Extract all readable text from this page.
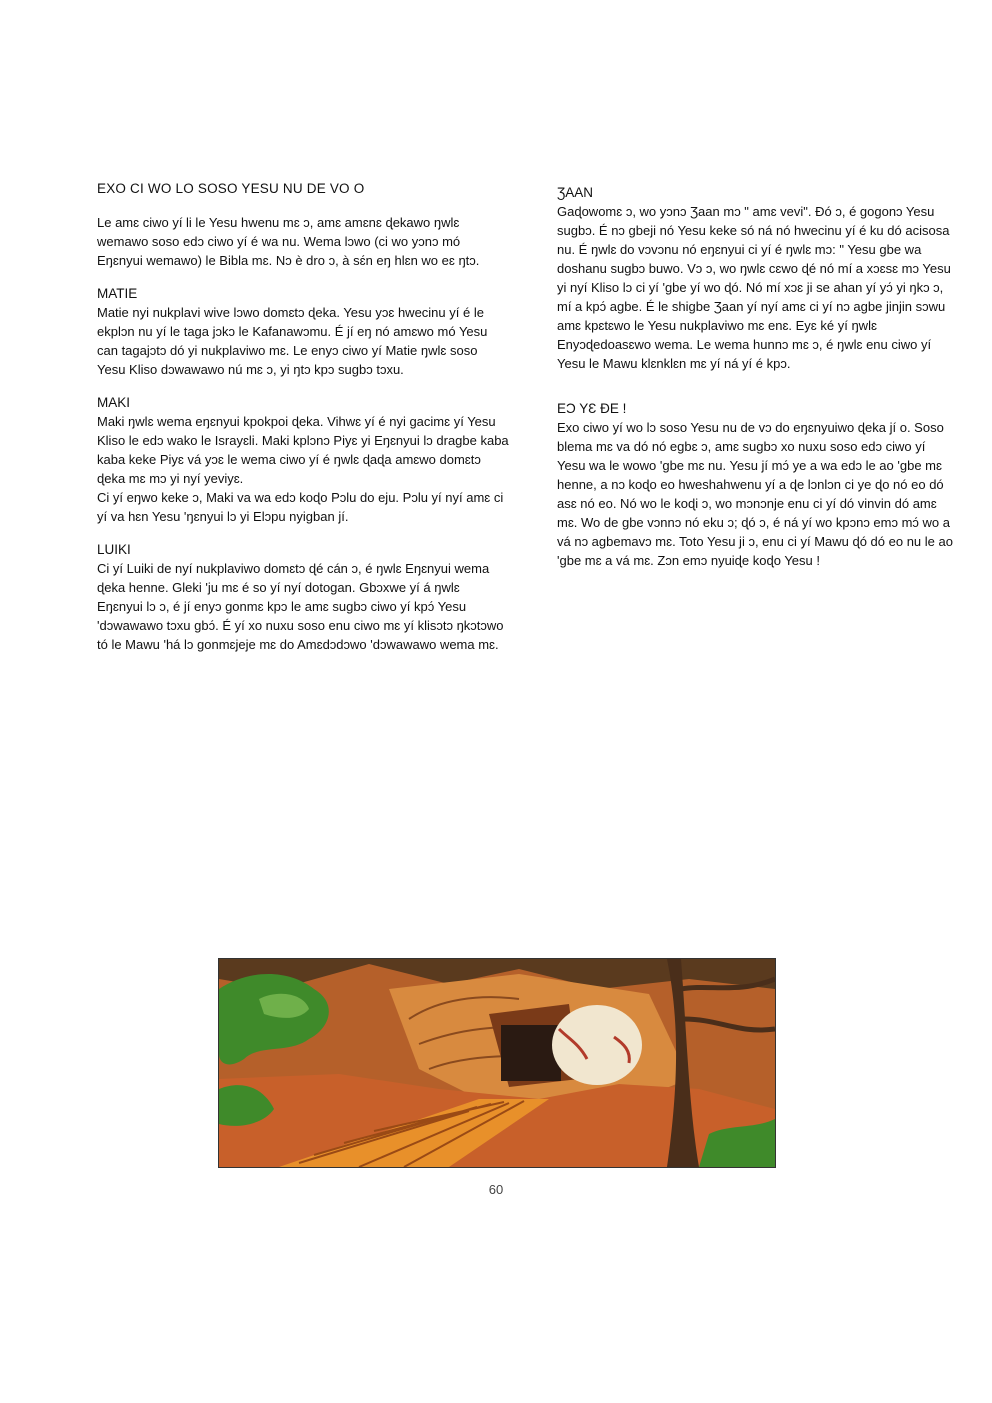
EXO CI WO LO SOSO YESU NU DE VO O

Le amɛ ciwo yí li le Yesu hwenu mɛ ɔ, amɛ amɛnɛ ɖekawo ŋwlɛ wemawo soso edɔ ciwo yí é wa nu. Wema lɔwo (ci wo yɔnɔ mó Eŋɛnyui wemawo) le Bibla mɛ. Nɔ è dro ɔ, à sɛ́n eŋ hlɛn wo eɛ ŋtɔ.

MATIE

Matie nyi nukplavi wive lɔwo domɛtɔ ɖeka. Yesu yɔɛ hwecinu yí é le ekplɔn nu yí le taga jɔkɔ le Kafanawɔmu. É jí eŋ nó amɛwo mó Yesu can tagajɔtɔ dó yi nukplaviwo mɛ. Le enyɔ ciwo yí Matie ŋwlɛ soso Yesu Kliso dɔwawawo nú mɛ ɔ, yi ŋtɔ kpɔ sugbɔ tɔxu.

MAKI

Maki ŋwlɛ wema eŋɛnyui kpokpoi ɖeka. Vihwɛ yí é nyi gacimɛ yí Yesu Kliso le edɔ wako le Israyɛli. Maki kplɔnɔ Piyɛ yi Eŋɛnyui lɔ dragbe kaba kaba keke Piyɛ vá yɔɛ le wema ciwo yí é ŋwlɛ ɖaɖa amɛwo domɛtɔ ɖeka mɛ mɔ yi nyí yeviyɛ.

Ci yí eŋwo keke ɔ, Maki va wa edɔ koɖo Pɔlu do eju. Pɔlu yí nyí amɛ ci yí va hɛn Yesu 'ŋɛnyui lɔ yi Elɔpu nyigban jí.

LUIKI

Ci yí Luiki de nyí nukplaviwo domɛtɔ ɖé cán ɔ, é ŋwlɛ Eŋɛnyui wema ɖeka henne. Gleki 'ju mɛ é so yí nyí dotogan. Gbɔxwe yí á ŋwlɛ Eŋɛnyui lɔ ɔ, é jí enyɔ gonmɛ kpɔ le amɛ sugbɔ ciwo yí kpɔ́ Yesu 'dɔwawawo tɔxu gbɔ́. É yí xo nuxu soso enu ciwo mɛ yí klisɔtɔ ŋkɔtɔwo tó le Mawu 'há lɔ gonmɛjeje mɛ do Amɛdɔdɔwo 'dɔwawawo wema mɛ.

ƷAAN

Gaɖowomɛ ɔ, wo yɔnɔ Ʒaan mɔ " amɛ vevi". Ðó ɔ, é gogonɔ Yesu sugbɔ. É nɔ gbeji nó Yesu keke só ná nó hwecinu yí é ku dó acisosa nu. É ŋwlɛ do vɔvɔnu nó eŋɛnyui ci yí é ŋwlɛ mɔ: " Yesu gbe wa doshanu sugbɔ buwo. Vɔ ɔ, wo ŋwlɛ cɛwo ɖé nó mí a xɔɛsɛ mɔ Yesu yi nyí Kliso lɔ ci yí 'gbe yí wo ɖó. Nó mí xɔɛ ji se ahan yí yɔ́ yi ŋkɔ ɔ, mí a kpɔ́ agbe. É le shigbe Ʒaan yí nyí amɛ ci yí nɔ agbe jinjin sɔwu amɛ kpɛtɛwo le Yesu nukplaviwo mɛ enɛ. Eyɛ ké yí ŋwlɛ Enyɔɖedoasɛwo wema. Le wema hunnɔ mɛ ɔ, é ŋwlɛ enu ciwo yí Yesu le Mawu klɛnklɛn mɛ yí ná yí é kpɔ.

EƆ YƐ ÐE !

Exo ciwo yí wo lɔ soso Yesu nu de vɔ do eŋɛnyuiwo ɖeka jí o. Soso blema mɛ va dó nó egbɛ ɔ, amɛ sugbɔ xo nuxu soso edɔ ciwo yí Yesu wa le wowo 'gbe mɛ nu. Yesu jí mɔ́ ye a wa edɔ le ao 'gbe mɛ henne, a nɔ koɖo eo hweshahwenu yí a ɖe lɔnlɔn ci ye ɖo nó eo dó asɛ nó eo. Nó wo le koɖi ɔ, wo mɔnɔnje enu ci yí dó vinvin dó amɛ mɛ. Wo de gbe vɔnnɔ nó eku ɔ; ɖó ɔ, é ná yí wo kpɔnɔ emɔ mɔ́ wo a vá nɔ agbemavɔ mɛ. Toto Yesu ji ɔ, enu ci yí Mawu ɖó dó eo nu le ao 'gbe mɛ a vá mɛ. Zɔn emɔ nyuiɖe koɖo Yesu !

60
